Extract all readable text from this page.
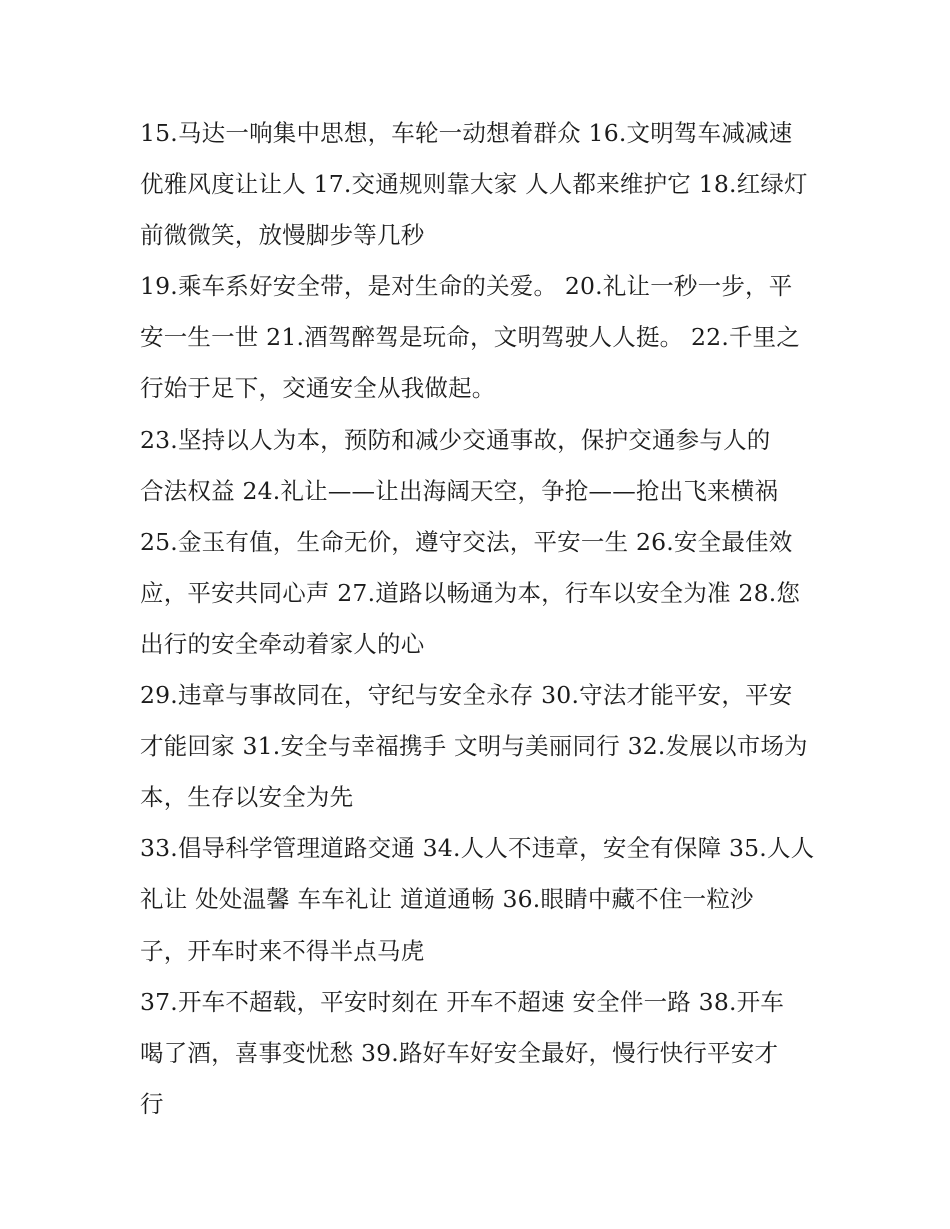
15.马达一响集中思想，车轮一动想着群众 16.文明驾车减减速
优雅风度让让人 17.交通规则靠大家 人人都来维护它 18.红绿灯
前微微笑，放慢脚步等几秒
19.乘车系好安全带，是对生命的关爱。 20.礼让一秒一步，平
安一生一世 21.酒驾醉驾是玩命，文明驾驶人人挺。 22.千里之
行始于足下，交通安全从我做起。
23.坚持以人为本，预防和减少交通事故，保护交通参与人的
合法权益 24.礼让——让出海阔天空，争抢——抢出飞来横祸
25.金玉有值，生命无价，遵守交法，平安一生 26.安全最佳效
应，平安共同心声 27.道路以畅通为本，行车以安全为准 28.您
出行的安全牵动着家人的心
29.违章与事故同在，守纪与安全永存 30.守法才能平安，平安
才能回家 31.安全与幸福携手 文明与美丽同行 32.发展以市场为
本，生存以安全为先
33.倡导科学管理道路交通 34.人人不违章，安全有保障 35.人人
礼让 处处温馨 车车礼让 道道通畅 36.眼睛中藏不住一粒沙
子，开车时来不得半点马虎
37.开车不超载，平安时刻在 开车不超速 安全伴一路 38.开车
喝了酒，喜事变忧愁 39.路好车好安全最好，慢行快行平安才
行
